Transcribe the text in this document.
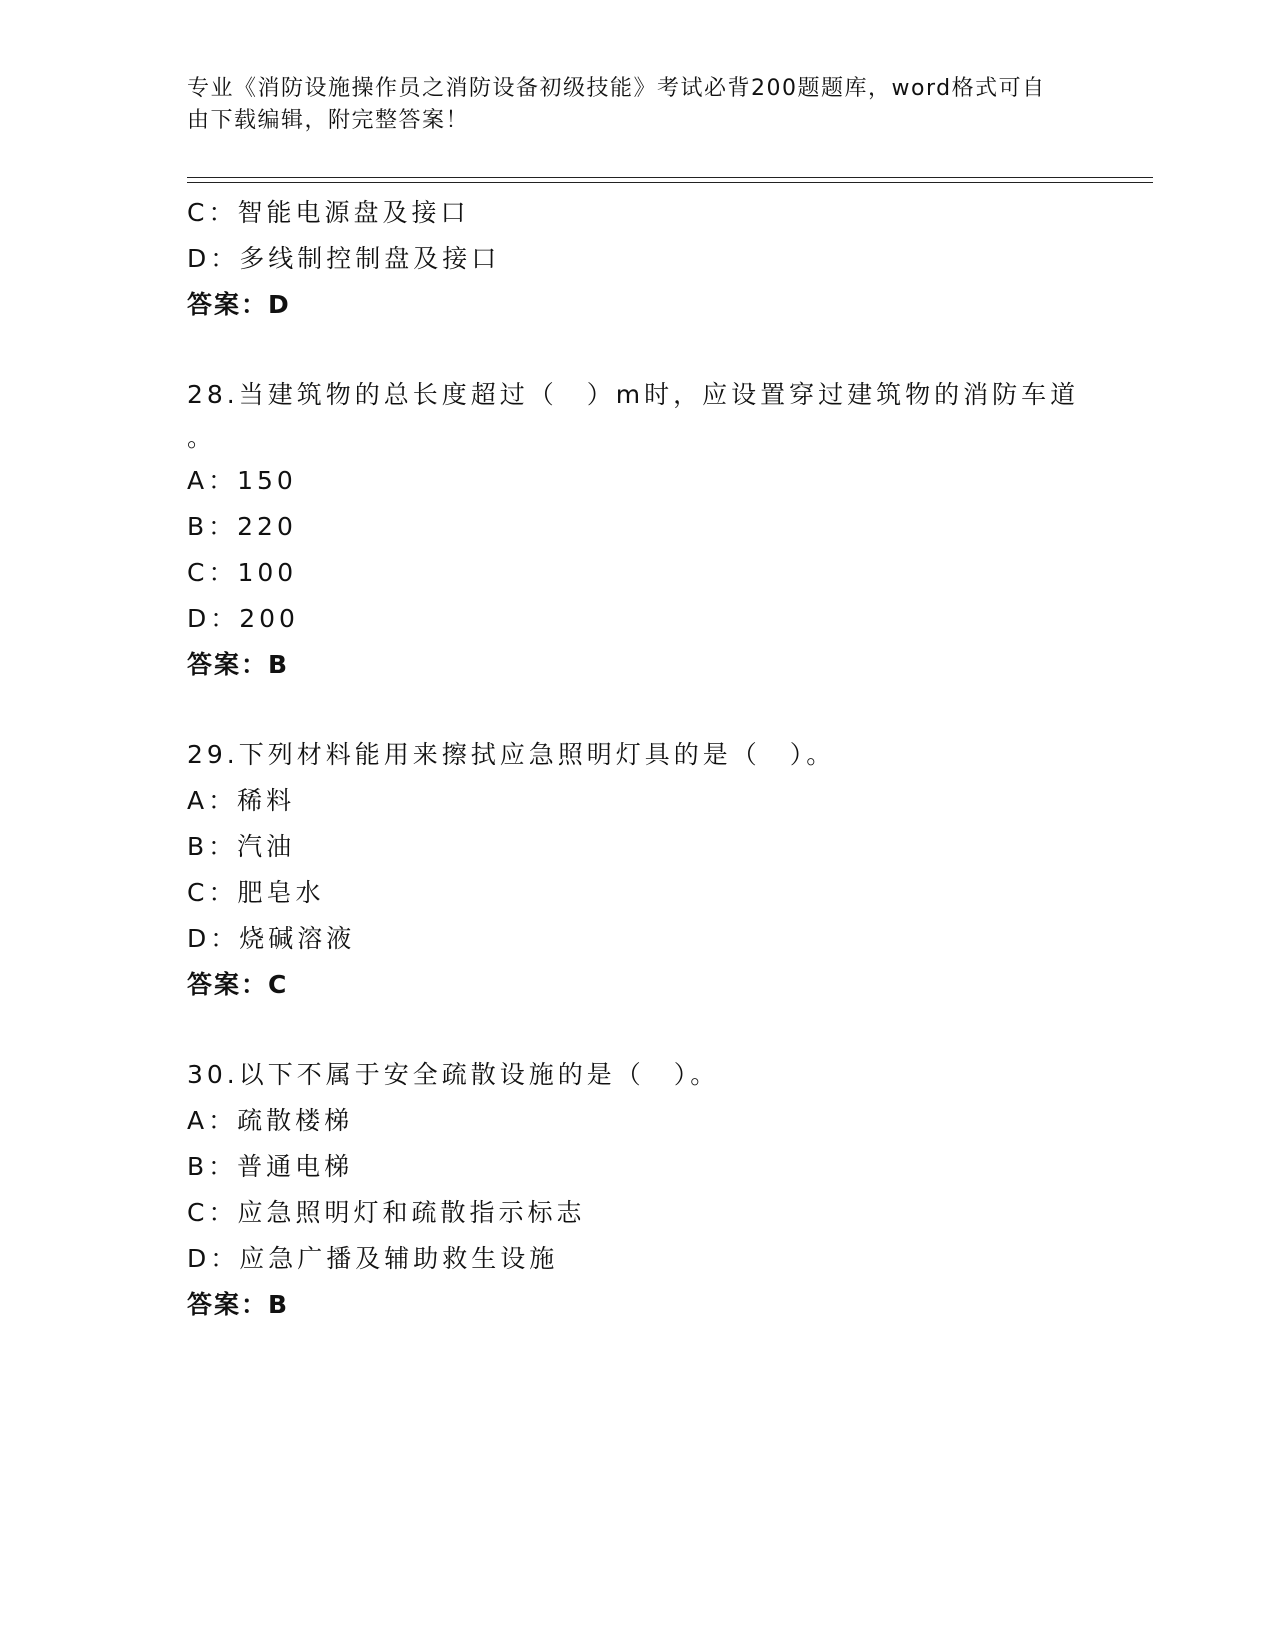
专业《消防设施操作员之消防设备初级技能》考试必背200题题库，word格式可自由下载编辑，附完整答案！
C：智能电源盘及接口
D：多线制控制盘及接口
答案：D
28.当建筑物的总长度超过（　）m时，应设置穿过建筑物的消防车道
。
A：150
B：220
C：100
D：200
答案：B
29.下列材料能用来擦拭应急照明灯具的是（　）。
A：稀料
B：汽油
C：肥皂水
D：烧碱溶液
答案：C
30.以下不属于安全疏散设施的是（　）。
A：疏散楼梯
B：普通电梯
C：应急照明灯和疏散指示标志
D：应急广播及辅助救生设施
答案：B
